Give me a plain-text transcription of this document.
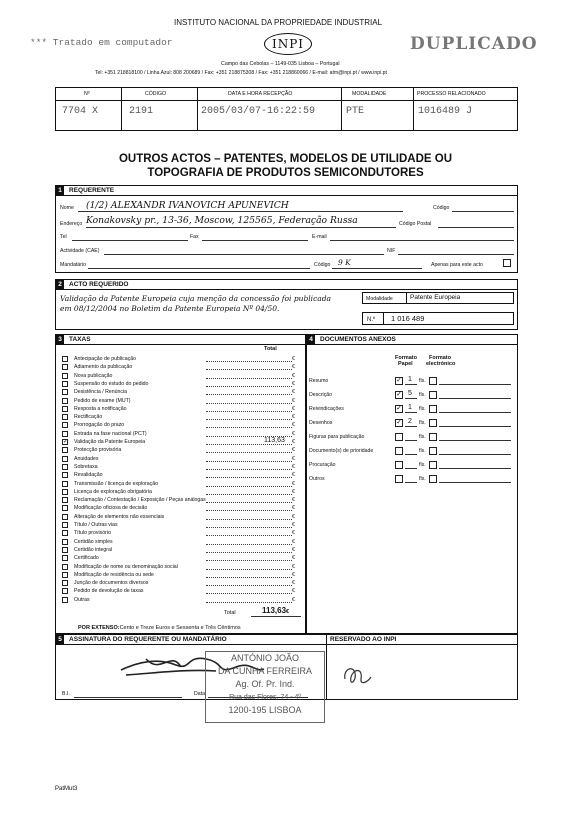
INSTITUTO NACIONAL DA PROPRIEDADE INDUSTRIAL
*** Tratado em computador	INPI	DUPLICADO
Campo das Cebolas – 1149-035 Lisboa – Portugal
Tel: +351 218818100 / Linha Azul: 808 200689 / Fax: +351 218875308 / Fax: +351 218860066 / E-mail: atm@inpi.pt / www.inpi.pt
Nº	CÓDIGO	DATA E HORA RECEPÇÃO	MODALIDADE	PROCESSO RELACIONADO
7704 X	2191	2005/03/07-16:22:59	PTE	1016489 J
OUTROS ACTOS – PATENTES, MODELOS DE UTILIDADE OU
TOPOGRAFIA DE PRODUTOS SEMICONDUTORES
1 REQUERENTE
Nome (1/2) ALEXANDR IVANOVICH APUNEVICH	Código
Endereço Konakovsky pr., 13-36, Moscow, 125565, Federação Russa	Código Postal
Tel	Fax	E-mail
Actividade (CAE)	NIF
Mandatário	Código 9 K	Apenas para este acto
2 ACTO REQUERIDO
Validação da Patente Europeia cuja menção da concessão foi publicada
em 08/12/2004 no Boletim da Patente Europeia Nº 04/50.
Modalidade	Patente Europeia
N.º 1 016 489
3 TAXAS
Total
Antecipação de publicação	€
Adiamento da publicação	€
Nova publicação	€
Suspensão do estudo do pedido	€
Desistência / Renúncia	€
Pedido de exame (MUT)	€
Resposta a notificação	€
Rectificação	€
Prorrogação do prazo	€
Entrada na fase nacional (PCT)	€
✓ Validação da Patente Europeia	€
113,63
Protecção provisória	€
Anuidades	€
Sobretaxa	€
Revalidação	€
Transmissão / licença de exploração	€
Licença de exploração obrigatória	€
Reclamação / Contestação / Exposição / Peças análogas	€
Modificação oficiosa de decisão	€
Alteração de elementos não essenciais	€
Título / Outras vias	€
Título provisório	€
Certidão simples	€
Certidão integral	€
Certificado	€
Modificação de nome ou denominação social	€
Modificação de residência ou sede	€
Junção de documentos diversos	€
Pedido de devolução de taxas	€
Outras	€
Total	113,63€
POR EXTENSO:Cento e Treze Euros e Sessenta e Três Cêntimos
4 DOCUMENTOS ANEXOS
Formato
Papel
Formato
electrónico
Resumo	✓ 1 fls.
Descrição	✓ 5 fls.
Reivindicações	✓ 1 fls.
Desenhos	✓ 2 fls.
Figuras para publicação	fls.
Documento(s) de prioridade	fls.
Procuração	fls.
Outros	fls.
5 ASSINATURA DO REQUERENTE OU MANDATÁRIO	RESERVADO AO INPI
B.I.	Data
ANTÓNIO JOÃO
DA CUNHA FERREIRA
Ag. Of. Pr. Ind.
Rua das Flores, 74 - 4º
1200-195 LISBOA
PatMut3
